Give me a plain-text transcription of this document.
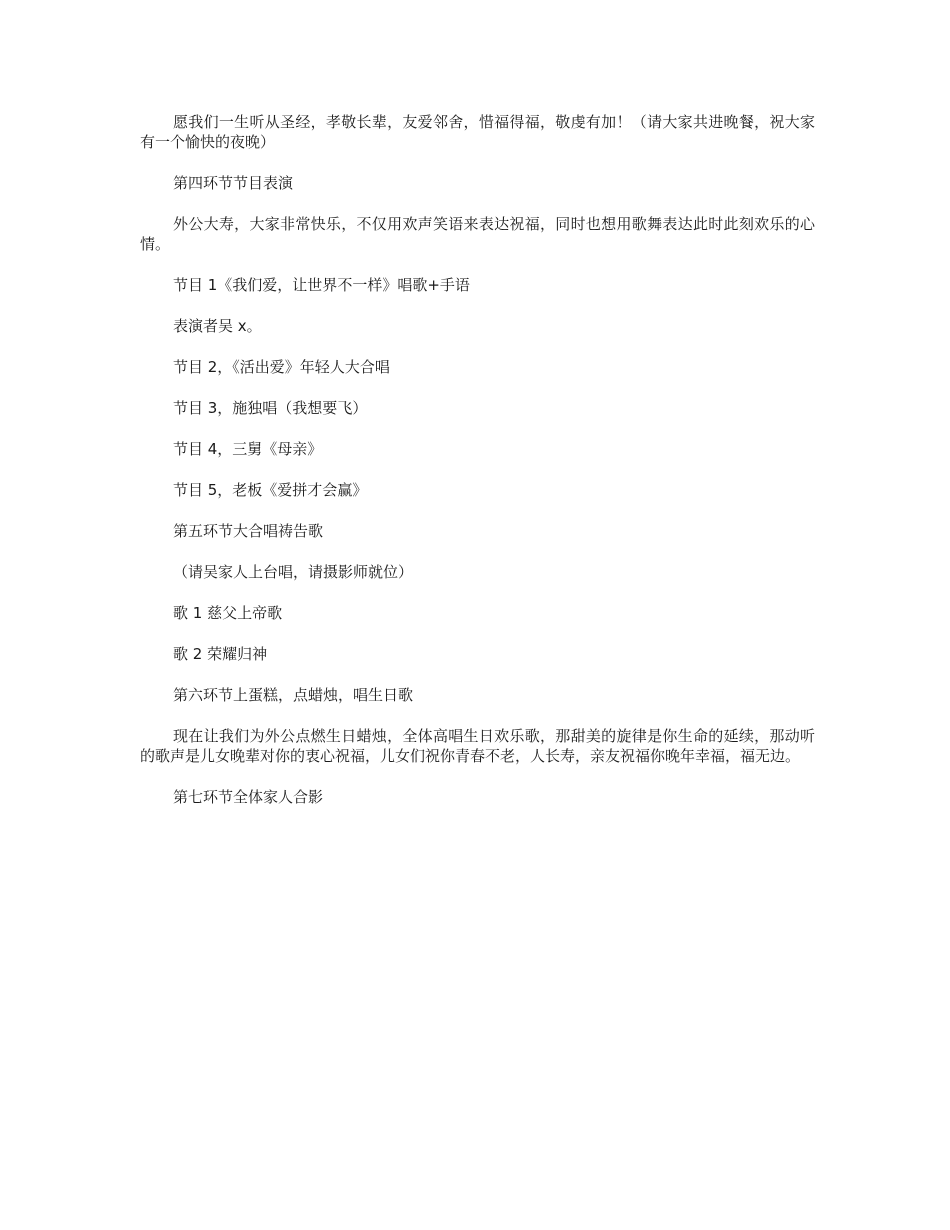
愿我们一生听从圣经，孝敬长辈，友爱邻舍，惜福得福，敬虔有加！（请大家共进晚餐，祝大家有一个愉快的夜晚）

第四环节节目表演

外公大寿，大家非常快乐，不仅用欢声笑语来表达祝福，同时也想用歌舞表达此时此刻欢乐的心情。

节目 1《我们爱，让世界不一样》唱歌+手语

表演者吴 x。

节目 2，《活出爱》年轻人大合唱

节目 3，施独唱（我想要飞）

节目 4，三舅《母亲》

节目 5，老板《爱拼才会赢》

第五环节大合唱祷告歌

（请吴家人上台唱，请摄影师就位）

歌 1 慈父上帝歌

歌 2 荣耀归神

第六环节上蛋糕，点蜡烛，唱生日歌

现在让我们为外公点燃生日蜡烛，全体高唱生日欢乐歌，那甜美的旋律是你生命的延续，那动听的歌声是儿女晚辈对你的衷心祝福，儿女们祝你青春不老，人长寿，亲友祝福你晚年幸福，福无边。

第七环节全体家人合影
